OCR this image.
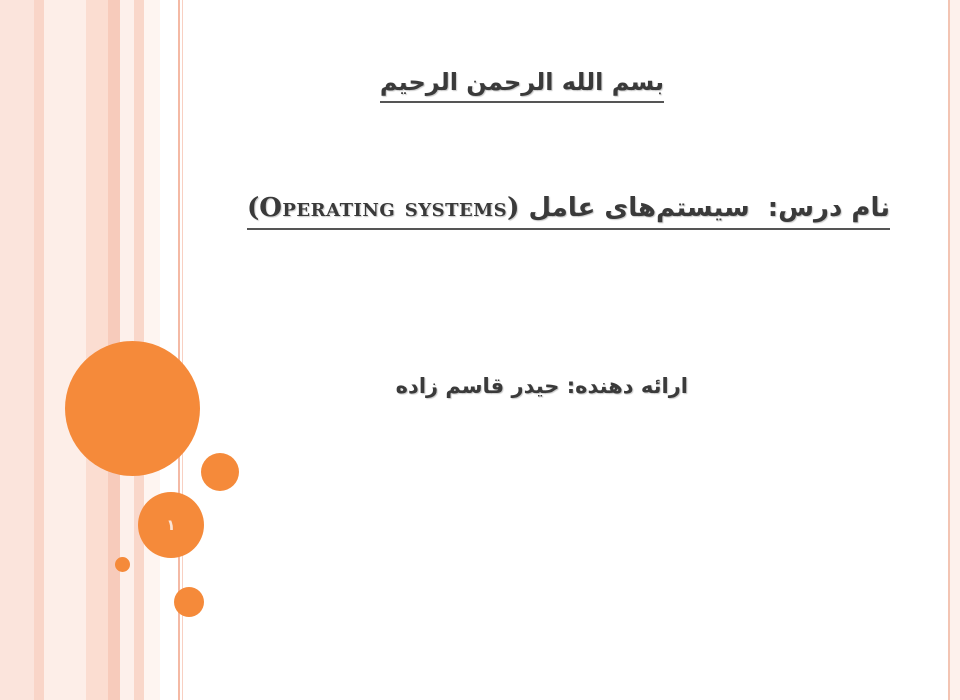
۱
بسم الله الرحمن الرحیم
نام درس:  سیستم‌های عامل (Operating systems)
ارائه دهنده: حیدر قاسم زاده
